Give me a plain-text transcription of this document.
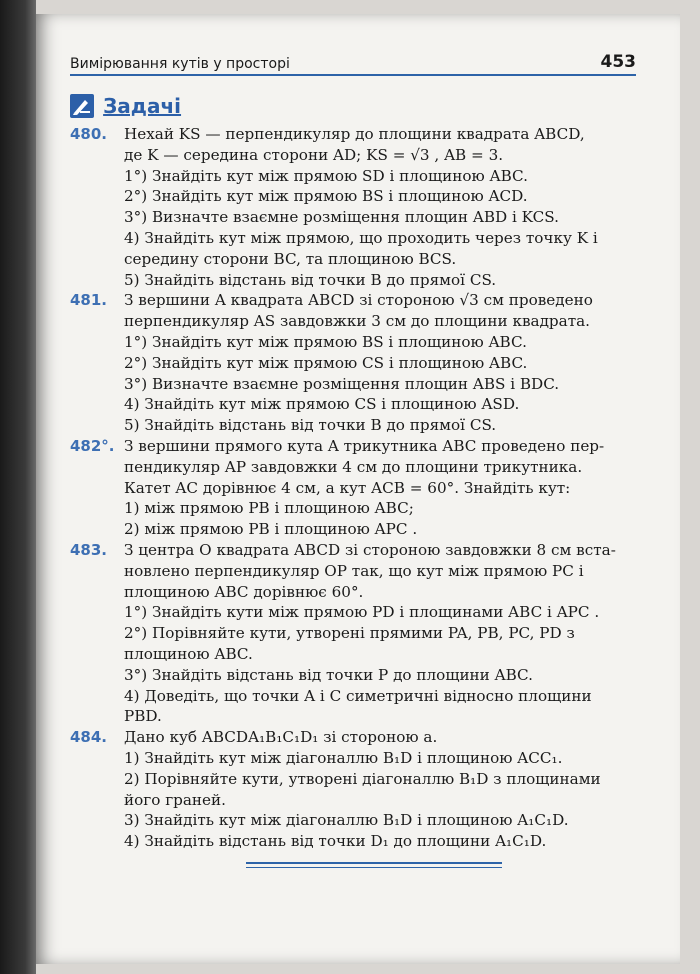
Вимірювання кутів у просторі	453
Задачі
480. Нехай KS — перпендикуляр до площини квадрата ABCD,
де K — середина сторони AD; KS = √3 , AB = 3.
1°) Знайдіть кут між прямою SD і площиною ABC.
2°) Знайдіть кут між прямою BS і площиною ACD.
3°) Визначте взаємне розміщення площин ABD і KCS.
4) Знайдіть кут між прямою, що проходить через точку K і
середину сторони BC, та площиною BCS.
5) Знайдіть відстань від точки B до прямої CS.
481. З вершини A квадрата ABCD зі стороною √3 см проведено
перпендикуляр AS завдовжки 3 см до площини квадрата.
1°) Знайдіть кут між прямою BS і площиною ABC.
2°) Знайдіть кут між прямою CS і площиною ABC.
3°) Визначте взаємне розміщення площин ABS і BDC.
4) Знайдіть кут між прямою CS і площиною ASD.
5) Знайдіть відстань від точки B до прямої CS.
482°. З вершини прямого кута A трикутника ABC проведено пер-
пендикуляр AP завдовжки 4 см до площини трикутника.
Катет AC дорівнює 4 см, а кут ACB = 60°. Знайдіть кут:
1) між прямою PB і площиною ABC;
2) між прямою PB і площиною APC .
483. З центра O квадрата ABCD зі стороною завдовжки 8 см вста-
новлено перпендикуляр OP так, що кут між прямою PC і
площиною ABC дорівнює 60°.
1°) Знайдіть кути між прямою PD і площинами ABC і APC .
2°) Порівняйте кути, утворені прямими PA, PB, PC, PD з
площиною ABC.
3°) Знайдіть відстань від точки P до площини ABC.
4) Доведіть, що точки A і C симетричні відносно площини
PBD.
484. Дано куб ABCDA₁B₁C₁D₁ зі стороною a.
1) Знайдіть кут між діагоналлю B₁D і площиною ACC₁.
2) Порівняйте кути, утворені діагоналлю B₁D з площинами
його граней.
3) Знайдіть кут між діагоналлю B₁D і площиною A₁C₁D.
4) Знайдіть відстань від точки D₁ до площини A₁C₁D.
